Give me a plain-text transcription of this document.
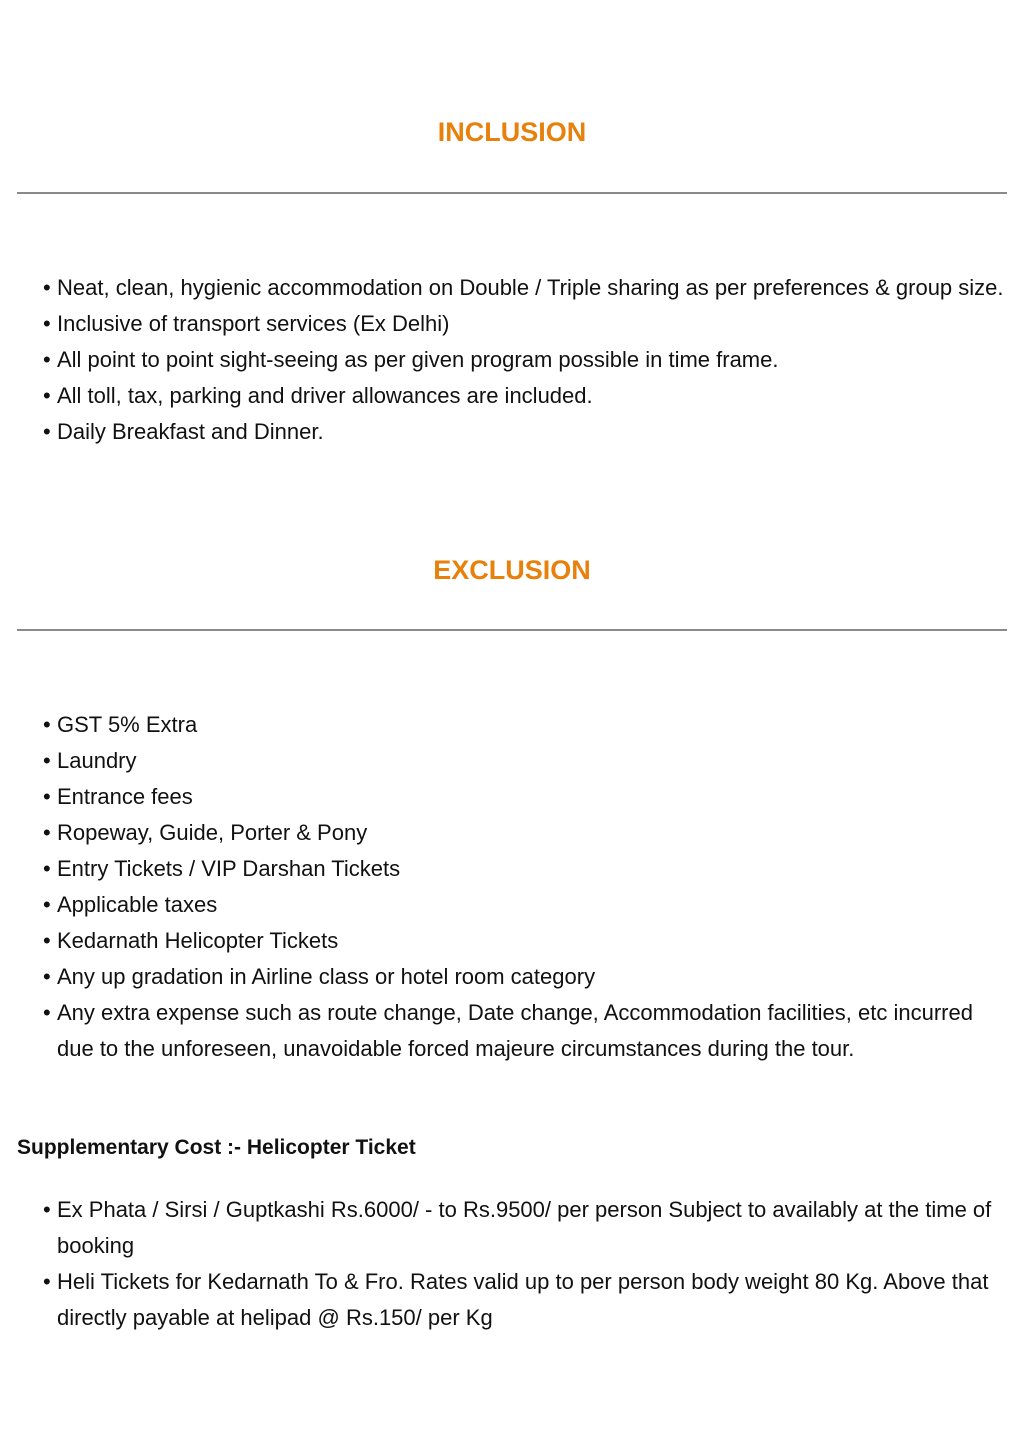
INCLUSION
• Neat, clean, hygienic accommodation on Double / Triple sharing as per preferences & group size.
• Inclusive of transport services (Ex Delhi)
• All point to point sight-seeing as per given program possible in time frame.
• All toll, tax, parking and driver allowances are included.
• Daily Breakfast and Dinner.
EXCLUSION
• GST 5% Extra
• Laundry
• Entrance fees
• Ropeway, Guide, Porter & Pony
• Entry Tickets / VIP Darshan Tickets
• Applicable taxes
• Kedarnath Helicopter Tickets
• Any up gradation in Airline class or hotel room category
• Any extra expense such as route change, Date change, Accommodation facilities, etc incurred due to the unforeseen, unavoidable forced majeure circumstances during the tour.
Supplementary Cost :- Helicopter Ticket
• Ex Phata / Sirsi / Guptkashi Rs.6000/ - to Rs.9500/ per person Subject to availably at the time of booking
• Heli Tickets for Kedarnath To & Fro. Rates valid up to per person body weight 80 Kg. Above that directly payable at helipad @ Rs.150/ per Kg
